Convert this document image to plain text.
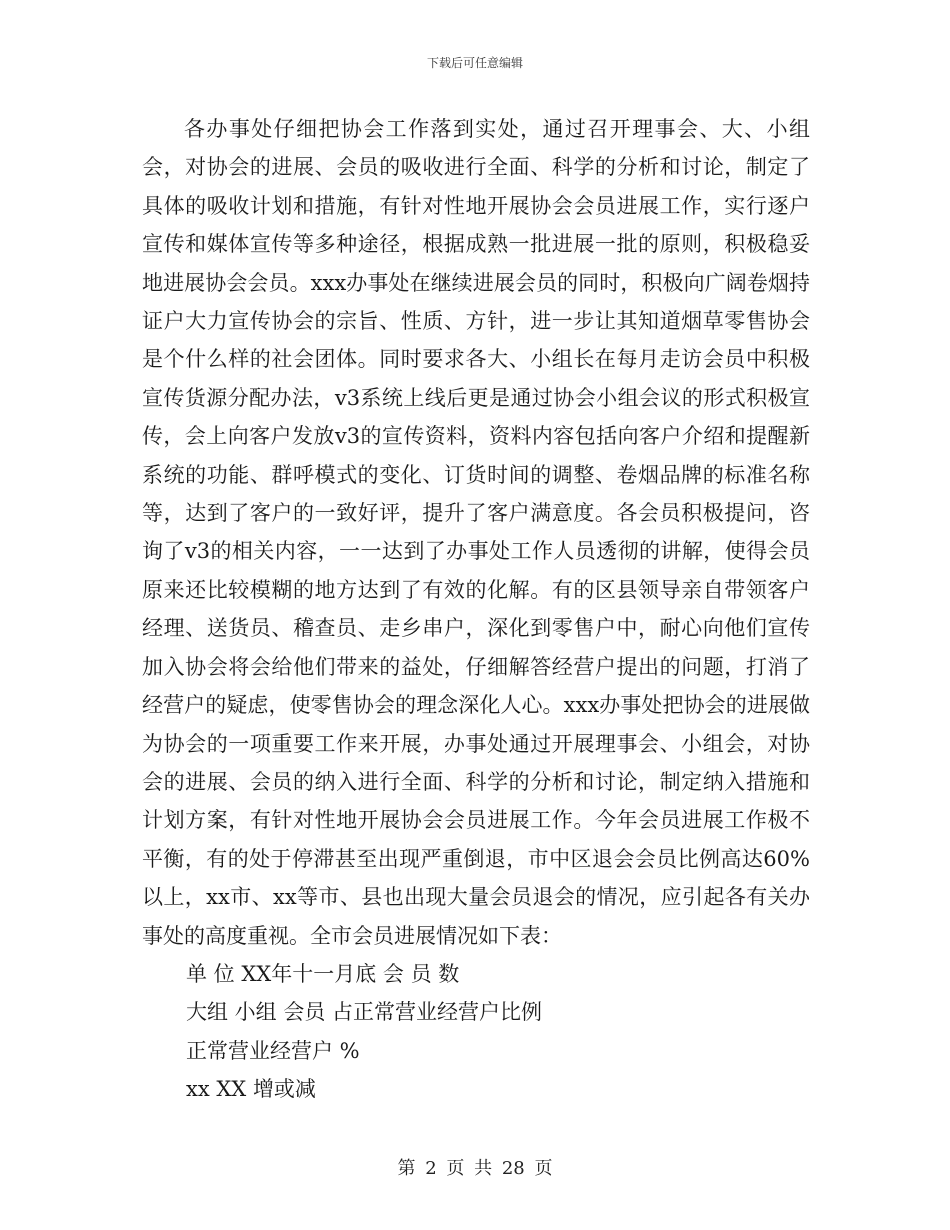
下载后可任意编辑

各办事处仔细把协会工作落到实处，通过召开理事会、大、小组会，对协会的进展、会员的吸收进行全面、科学的分析和讨论，制定了具体的吸收计划和措施，有针对性地开展协会会员进展工作，实行逐户宣传和媒体宣传等多种途径，根据成熟一批进展一批的原则，积极稳妥地进展协会会员。xxx办事处在继续进展会员的同时，积极向广阔卷烟持证户大力宣传协会的宗旨、性质、方针，进一步让其知道烟草零售协会是个什么样的社会团体。同时要求各大、小组长在每月走访会员中积极宣传货源分配办法，v3系统上线后更是通过协会小组会议的形式积极宣传，会上向客户发放v3的宣传资料，资料内容包括向客户介绍和提醒新系统的功能、群呼模式的变化、订货时间的调整、卷烟品牌的标准名称等，达到了客户的一致好评，提升了客户满意度。各会员积极提问，咨询了v3的相关内容，一一达到了办事处工作人员透彻的讲解，使得会员原来还比较模糊的地方达到了有效的化解。有的区县领导亲自带领客户经理、送货员、稽查员、走乡串户，深化到零售户中，耐心向他们宣传加入协会将会给他们带来的益处，仔细解答经营户提出的问题，打消了经营户的疑虑，使零售协会的理念深化人心。xxx办事处把协会的进展做为协会的一项重要工作来开展，办事处通过开展理事会、小组会，对协会的进展、会员的纳入进行全面、科学的分析和讨论，制定纳入措施和计划方案，有针对性地开展协会会员进展工作。今年会员进展工作极不平衡，有的处于停滞甚至出现严重倒退，市中区退会会员比例高达60%以上，xx市、xx等市、县也出现大量会员退会的情况，应引起各有关办事处的高度重视。全市会员进展情况如下表：

单 位 XX年十一月底 会 员 数
大组 小组 会员 占正常营业经营户比例
正常营业经营户 %
xx XX 增或减
第 2 页 共 28 页
